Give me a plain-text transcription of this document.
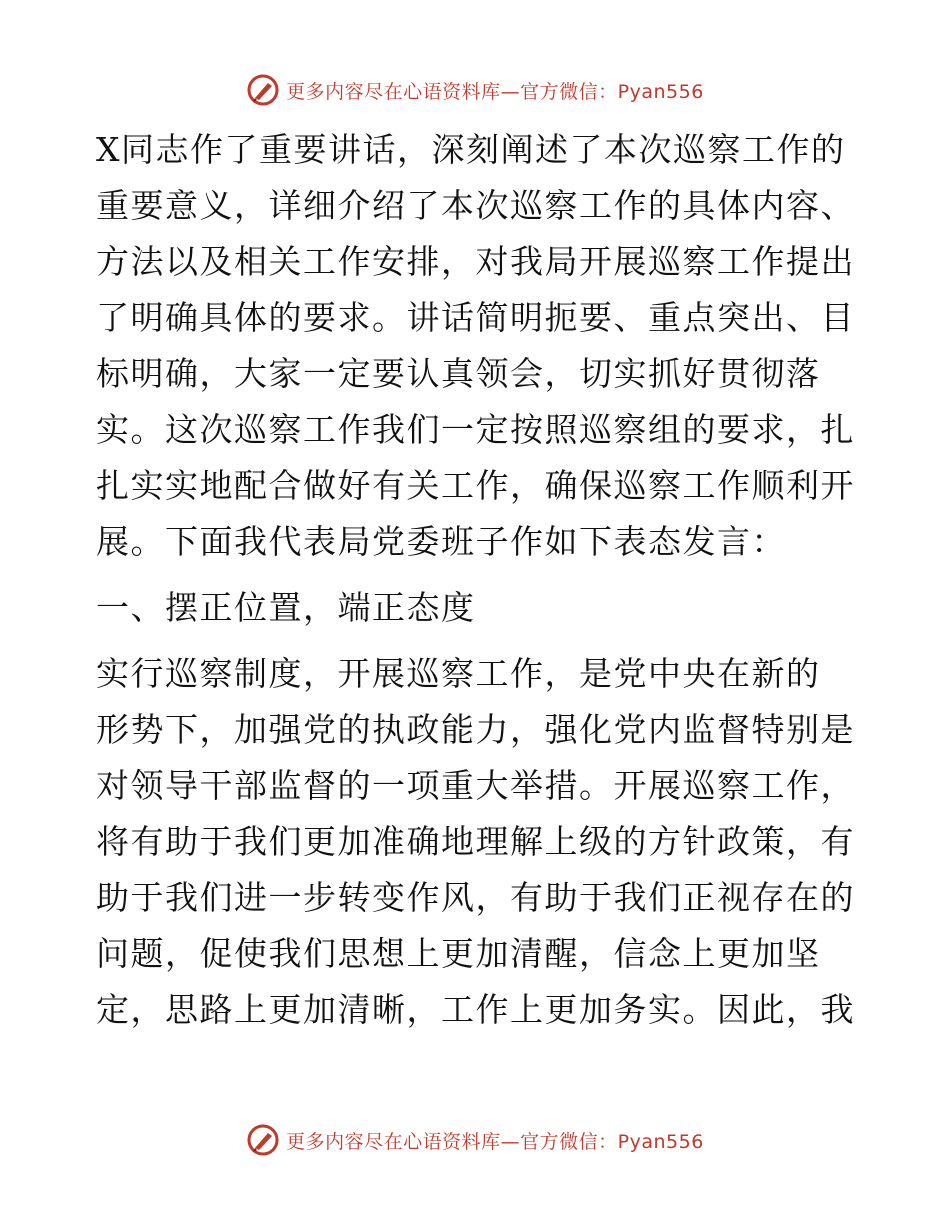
更多内容尽在心语资料库—官方微信：Pyan556
X同志作了重要讲话，深刻阐述了本次巡察工作的
重要意义，详细介绍了本次巡察工作的具体内容、
方法以及相关工作安排，对我局开展巡察工作提出
了明确具体的要求。讲话简明扼要、重点突出、目
标明确，大家一定要认真领会，切实抓好贯彻落
实。这次巡察工作我们一定按照巡察组的要求，扎
扎实实地配合做好有关工作，确保巡察工作顺利开
展。下面我代表局党委班子作如下表态发言：
一、摆正位置，端正态度
实行巡察制度，开展巡察工作，是党中央在新的
形势下，加强党的执政能力，强化党内监督特别是
对领导干部监督的一项重大举措。开展巡察工作，
将有助于我们更加准确地理解上级的方针政策，有
助于我们进一步转变作风，有助于我们正视存在的
问题，促使我们思想上更加清醒，信念上更加坚
定，思路上更加清晰，工作上更加务实。因此，我
更多内容尽在心语资料库—官方微信：Pyan556
